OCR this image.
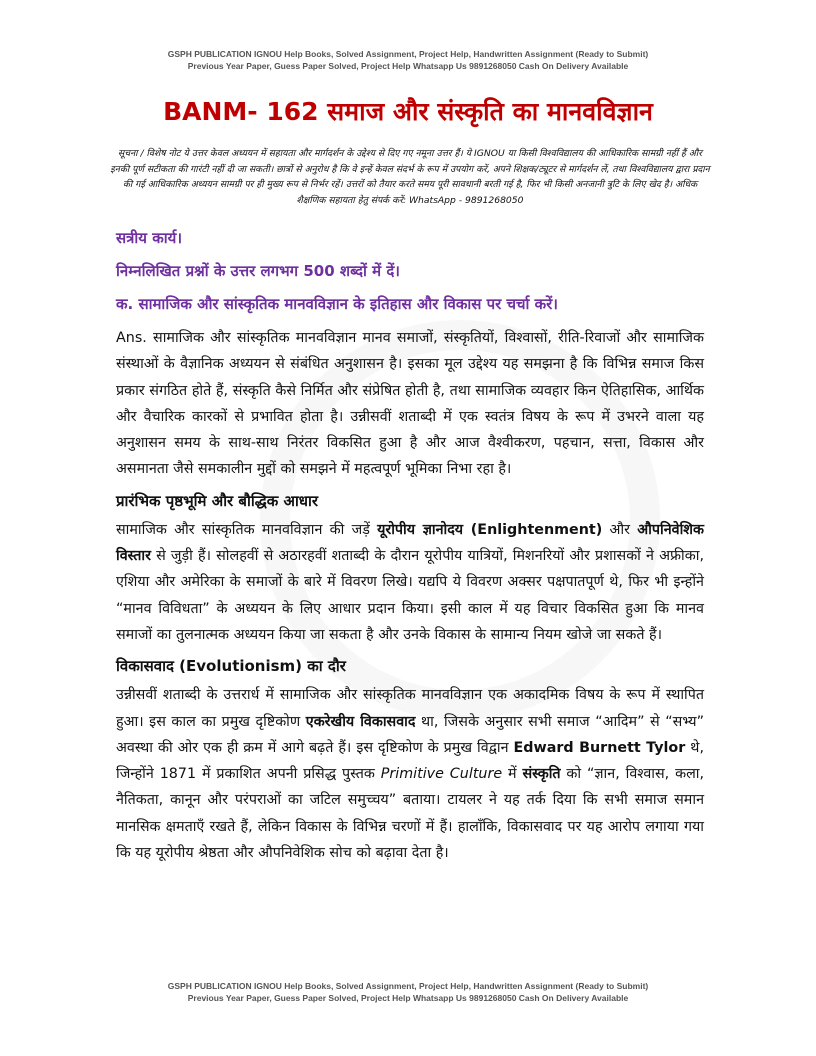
GSPH PUBLICATION IGNOU Help Books, Solved Assignment, Project Help, Handwritten Assignment (Ready to Submit)
Previous Year Paper, Guess Paper Solved, Project Help Whatsapp Us 9891268050 Cash On Delivery Available
BANM- 162 समाज और संस्कृति का मानवविज्ञान
सूचना / विशेष नोट ये उत्तर केवल अध्ययन में सहायता और मार्गदर्शन के उद्देश्य से दिए गए नमूना उत्तर हैं। ये IGNOU या किसी विश्वविद्यालय की आधिकारिक सामग्री नहीं हैं और इनकी पूर्ण सटीकता की गारंटी नहीं दी जा सकती। छात्रों से अनुरोध है कि वे इन्हें केवल संदर्भ के रूप में उपयोग करें, अपने शिक्षक/ट्यूटर से मार्गदर्शन लें, तथा विश्वविद्यालय द्वारा प्रदान की गई आधिकारिक अध्ययन सामग्री पर ही मुख्य रूप से निर्भर रहें। उत्तरों को तैयार करते समय पूरी सावधानी बरती गई है, फिर भी किसी अनजानी त्रुटि के लिए खेद है। अधिक शैक्षणिक सहायता हेतु संपर्क करें: WhatsApp - 9891268050
सत्रीय कार्य।
निम्नलिखित प्रश्नों के उत्तर लगभग 500 शब्दों में दें।
क. सामाजिक और सांस्कृतिक मानवविज्ञान के इतिहास और विकास पर चर्चा करें।

Ans. सामाजिक और सांस्कृतिक मानवविज्ञान मानव समाजों, संस्कृतियों, विश्वासों, रीति-रिवाजों और सामाजिक संस्थाओं के वैज्ञानिक अध्ययन से संबंधित अनुशासन है। इसका मूल उद्देश्य यह समझना है कि विभिन्न समाज किस प्रकार संगठित होते हैं, संस्कृति कैसे निर्मित और संप्रेषित होती है, तथा सामाजिक व्यवहार किन ऐतिहासिक, आर्थिक और वैचारिक कारकों से प्रभावित होता है। उन्नीसवीं शताब्दी में एक स्वतंत्र विषय के रूप में उभरने वाला यह अनुशासन समय के साथ-साथ निरंतर विकसित हुआ है और आज वैश्वीकरण, पहचान, सत्ता, विकास और असमानता जैसे समकालीन मुद्दों को समझने में महत्वपूर्ण भूमिका निभा रहा है।

प्रारंभिक पृष्ठभूमि और बौद्धिक आधार

सामाजिक और सांस्कृतिक मानवविज्ञान की जड़ें यूरोपीय ज्ञानोदय (Enlightenment) और औपनिवेशिक विस्तार से जुड़ी हैं। सोलहवीं से अठारहवीं शताब्दी के दौरान यूरोपीय यात्रियों, मिशनरियों और प्रशासकों ने अफ्रीका, एशिया और अमेरिका के समाजों के बारे में विवरण लिखे। यद्यपि ये विवरण अक्सर पक्षपातपूर्ण थे, फिर भी इन्होंने “मानव विविधता” के अध्ययन के लिए आधार प्रदान किया। इसी काल में यह विचार विकसित हुआ कि मानव समाजों का तुलनात्मक अध्ययन किया जा सकता है और उनके विकास के सामान्य नियम खोजे जा सकते हैं।

विकासवाद (Evolutionism) का दौर

उन्नीसवीं शताब्दी के उत्तरार्ध में सामाजिक और सांस्कृतिक मानवविज्ञान एक अकादमिक विषय के रूप में स्थापित हुआ। इस काल का प्रमुख दृष्टिकोण एकरेखीय विकासवाद था, जिसके अनुसार सभी समाज “आदिम” से “सभ्य” अवस्था की ओर एक ही क्रम में आगे बढ़ते हैं। इस दृष्टिकोण के प्रमुख विद्वान Edward Burnett Tylor थे, जिन्होंने 1871 में प्रकाशित अपनी प्रसिद्ध पुस्तक Primitive Culture में संस्कृति को “ज्ञान, विश्वास, कला, नैतिकता, कानून और परंपराओं का जटिल समुच्चय” बताया। टायलर ने यह तर्क दिया कि सभी समाज समान मानसिक क्षमताएँ रखते हैं, लेकिन विकास के विभिन्न चरणों में हैं। हालाँकि, विकासवाद पर यह आरोप लगाया गया कि यह यूरोपीय श्रेष्ठता और औपनिवेशिक सोच को बढ़ावा देता है।

GSPH PUBLICATION IGNOU Help Books, Solved Assignment, Project Help, Handwritten Assignment (Ready to Submit)
Previous Year Paper, Guess Paper Solved, Project Help Whatsapp Us 9891268050 Cash On Delivery Available
